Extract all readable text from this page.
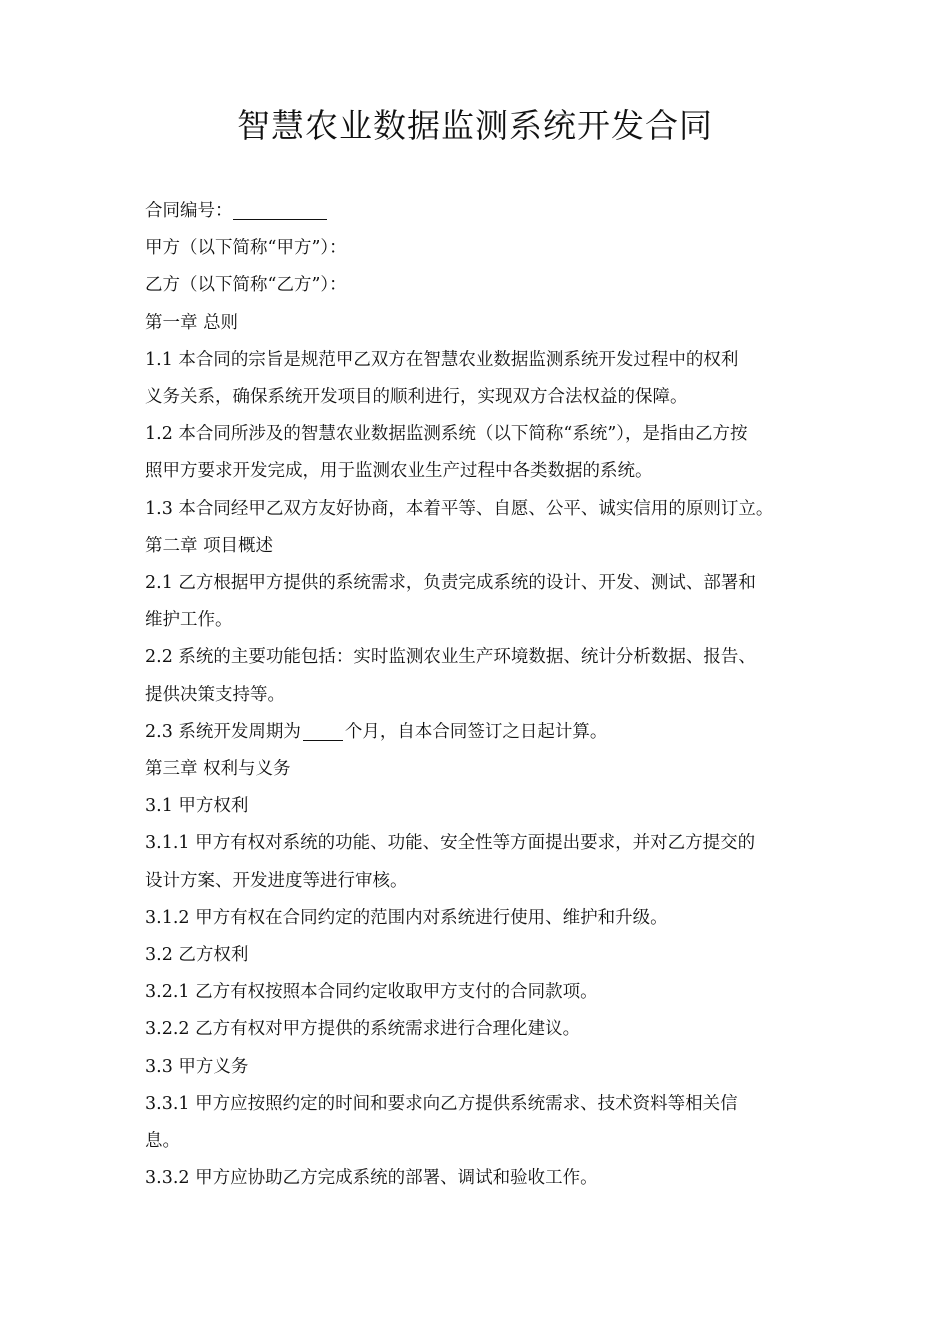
智慧农业数据监测系统开发合同

合同编号：

甲方（以下简称“甲方”）：

乙方（以下简称“乙方”）：

第一章 总则

1.1 本合同的宗旨是规范甲乙双方在智慧农业数据监测系统开发过程中的权利

义务关系，确保系统开发项目的顺利进行，实现双方合法权益的保障。

1.2 本合同所涉及的智慧农业数据监测系统（以下简称“系统”），是指由乙方按

照甲方要求开发完成，用于监测农业生产过程中各类数据的系统。

1.3 本合同经甲乙双方友好协商，本着平等、自愿、公平、诚实信用的原则订立。

第二章 项目概述

2.1 乙方根据甲方提供的系统需求，负责完成系统的设计、开发、测试、部署和

维护工作。

2.2 系统的主要功能包括：实时监测农业生产环境数据、统计分析数据、报告、

提供决策支持等。

2.3 系统开发周期为	个月，自本合同签订之日起计算。

第三章 权利与义务

3.1 甲方权利

3.1.1 甲方有权对系统的功能、功能、安全性等方面提出要求，并对乙方提交的

设计方案、开发进度等进行审核。

3.1.2 甲方有权在合同约定的范围内对系统进行使用、维护和升级。

3.2 乙方权利

3.2.1 乙方有权按照本合同约定收取甲方支付的合同款项。

3.2.2 乙方有权对甲方提供的系统需求进行合理化建议。

3.3 甲方义务

3.3.1 甲方应按照约定的时间和要求向乙方提供系统需求、技术资料等相关信

息。

3.3.2 甲方应协助乙方完成系统的部署、调试和验收工作。
